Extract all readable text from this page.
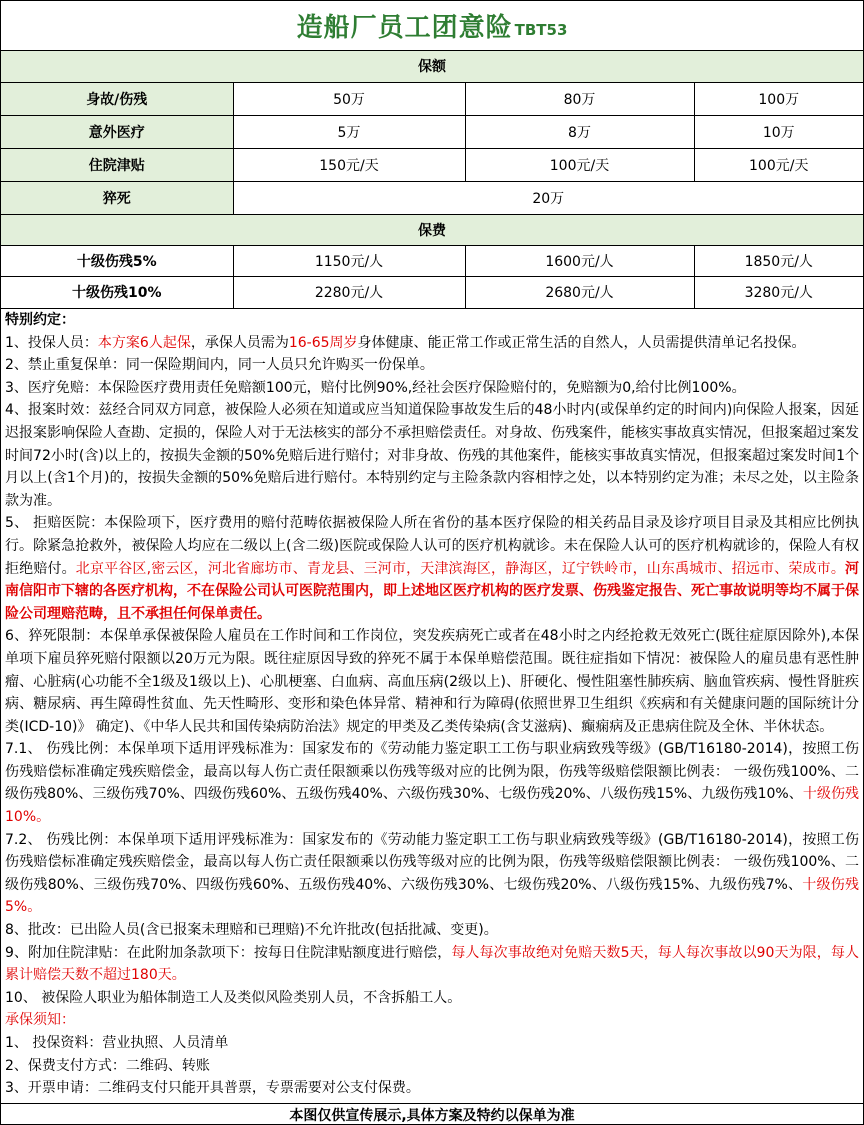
造船厂员工团意险 TBT53
保额			
身故/伤残	50万	80万	100万
意外医疗	5万	8万	10万
住院津贴	150元/天	100元/天	100元/天
猝死	20万		
保费			
十级伤残5%	1150元/人	1600元/人	1850元/人
十级伤残10%	2280元/人	2680元/人	3280元/人

特别约定：

1、投保人员：本方案6人起保，承保人员需为16-65周岁身体健康、能正常工作或正常生活的自然人，人员需提供清单记名投保。

2、禁止重复保单：同一保险期间内，同一人员只允许购买一份保单。

3、医疗免赔：本保险医疗费用责任免赔额100元，赔付比例90%,经社会医疗保险赔付的，免赔额为0,给付比例100%。

4、报案时效：兹经合同双方同意，被保险人必须在知道或应当知道保险事故发生后的48小时内(或保单约定的时间内)向保险人报案，因延迟报案影响保险人查勘、定损的，保险人对于无法核实的部分不承担赔偿责任。对身故、伤残案件，能核实事故真实情况，但报案超过案发时间72小时(含)以上的，按损失金额的50%免赔后进行赔付；对非身故、伤残的其他案件，能核实事故真实情况，但报案超过案发时间1个月以上(含1个月)的，按损失金额的50%免赔后进行赔付。本特别约定与主险条款内容相悖之处，以本特别约定为准；未尽之处，以主险条款为准。

5、 拒赔医院：本保险项下，医疗费用的赔付范畴依据被保险人所在省份的基本医疗保险的相关药品目录及诊疗项目目录及其相应比例执行。除紧急抢救外，被保险人均应在二级以上(含二级)医院或保险人认可的医疗机构就诊。未在保险人认可的医疗机构就诊的，保险人有权拒绝赔付。北京平谷区,密云区，河北省廊坊市、青龙县、三河市，天津滨海区，静海区，辽宁铁岭市，山东禹城市、招远市、荣成市。河南信阳市下辖的各医疗机构，不在保险公司认可医院范围内，即上述地区医疗机构的医疗发票、伤残鉴定报告、死亡事故说明等均不属于保险公司理赔范畴，且不承担任何保单责任。

6、猝死限制：本保单承保被保险人雇员在工作时间和工作岗位，突发疾病死亡或者在48小时之内经抢救无效死亡(既往症原因除外),本保单项下雇员猝死赔付限额以20万元为限。既往症原因导致的猝死不属于本保单赔偿范围。既往症指如下情况：被保险人的雇员患有恶性肿瘤、心脏病(心功能不全1级及1级以上)、心肌梗塞、白血病、高血压病(2级以上)、肝硬化、慢性阻塞性肺疾病、脑血管疾病、慢性肾脏疾病、糖尿病、再生障碍性贫血、先天性畸形、变形和染色体异常、精神和行为障碍(依照世界卫生组织《疾病和有关健康问题的国际统计分类(ICD-10)》 确定)、《中华人民共和国传染病防治法》规定的甲类及乙类传染病(含艾滋病)、癫痫病及正患病住院及全休、半休状态。

7.1、 伤残比例：本保单项下适用评残标准为：国家发布的《劳动能力鉴定职工工伤与职业病致残等级》(GB/T16180-2014)，按照工伤伤残赔偿标准确定残疾赔偿金，最高以每人伤亡责任限额乘以伤残等级对应的比例为限，伤残等级赔偿限额比例表： 一级伤残100%、二级伤残80%、三级伤残70%、四级伤残60%、五级伤残40%、六级伤残30%、七级伤残20%、八级伤残15%、九级伤残10%、十级伤残10%。

7.2、 伤残比例：本保单项下适用评残标准为：国家发布的《劳动能力鉴定职工工伤与职业病致残等级》(GB/T16180-2014)，按照工伤伤残赔偿标准确定残疾赔偿金，最高以每人伤亡责任限额乘以伤残等级对应的比例为限，伤残等级赔偿限额比例表： 一级伤残100%、二级伤残80%、三级伤残70%、四级伤残60%、五级伤残40%、六级伤残30%、七级伤残20%、八级伤残15%、九级伤残7%、十级伤残5%。

8、批改：已出险人员(含已报案未理赔和已理赔)不允许批改(包括批减、变更)。

9、附加住院津贴：在此附加条款项下：按每日住院津贴额度进行赔偿，每人每次事故绝对免赔天数5天，每人每次事故以90天为限，每人累计赔偿天数不超过180天。

10、 被保险人职业为船体制造工人及类似风险类别人员，不含拆船工人。

承保须知：

1、 投保资料：营业执照、人员清单

2、保费支付方式：二维码、转账

3、开票申请：二维码支付只能开具普票，专票需要对公支付保费。

本图仅供宣传展示,具体方案及特约以保单为准
